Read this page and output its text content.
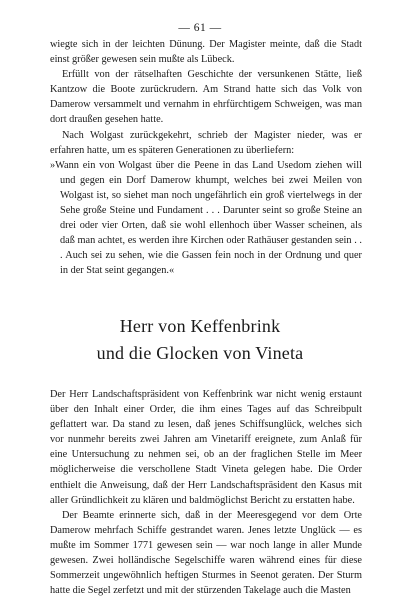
— 61 —

wiegte sich in der leichten Dünung. Der Magister meinte, daß die Stadt einst größer gewesen sein mußte als Lübeck.

Erfüllt von der rätselhaften Geschichte der versunkenen Stätte, ließ Kantzow die Boote zurückrudern. Am Strand hatte sich das Volk von Damerow versammelt und vernahm in ehrfürchtigem Schweigen, was man dort draußen gesehen hatte.

Nach Wolgast zurückgekehrt, schrieb der Magister nieder, was er erfahren hatte, um es späteren Generationen zu überliefern:

»Wann ein von Wolgast über die Peene in das Land Usedom ziehen will und gegen ein Dorf Damerow khumpt, welches bei zwei Meilen von Wolgast ist, so siehet man noch ungefährlich ein groß viertelwegs in der Sehe große Steine und Fundament . . . Darunter seint so große Steine an drei oder vier Orten, daß sie wohl ellenhoch über Wasser scheinen, als daß man achtet, es werden ihre Kirchen oder Rathäuser gestanden sein . . . Auch sei zu sehen, wie die Gassen fein noch in der Ordnung und quer in der Stat seint gegangen.«

Herr von Keffenbrink
und die Glocken von Vineta

Der Herr Landschaftspräsident von Keffenbrink war nicht wenig erstaunt über den Inhalt einer Order, die ihm eines Tages auf das Schreibpult geflattert war. Da stand zu lesen, daß jenes Schiffsunglück, welches sich vor nunmehr bereits zwei Jahren am Vinetariff ereignete, zum Anlaß für eine Untersuchung zu nehmen sei, ob an der fraglichen Stelle im Meer möglicherweise die verschollene Stadt Vineta gelegen habe. Die Order enthielt die Anweisung, daß der Herr Landschaftspräsident den Kasus mit aller Gründlichkeit zu klären und baldmöglichst Bericht zu erstatten habe.

Der Beamte erinnerte sich, daß in der Meeresgegend vor dem Orte Damerow mehrfach Schiffe gestrandet waren. Jenes letzte Unglück — es mußte im Sommer 1771 gewesen sein — war noch lange in aller Munde gewesen. Zwei holländische Segelschiffe waren während eines für diese Sommerzeit ungewöhnlich heftigen Sturmes in Seenot geraten. Der Sturm hatte die Segel zerfetzt und mit der stürzenden Takelage auch die Masten
